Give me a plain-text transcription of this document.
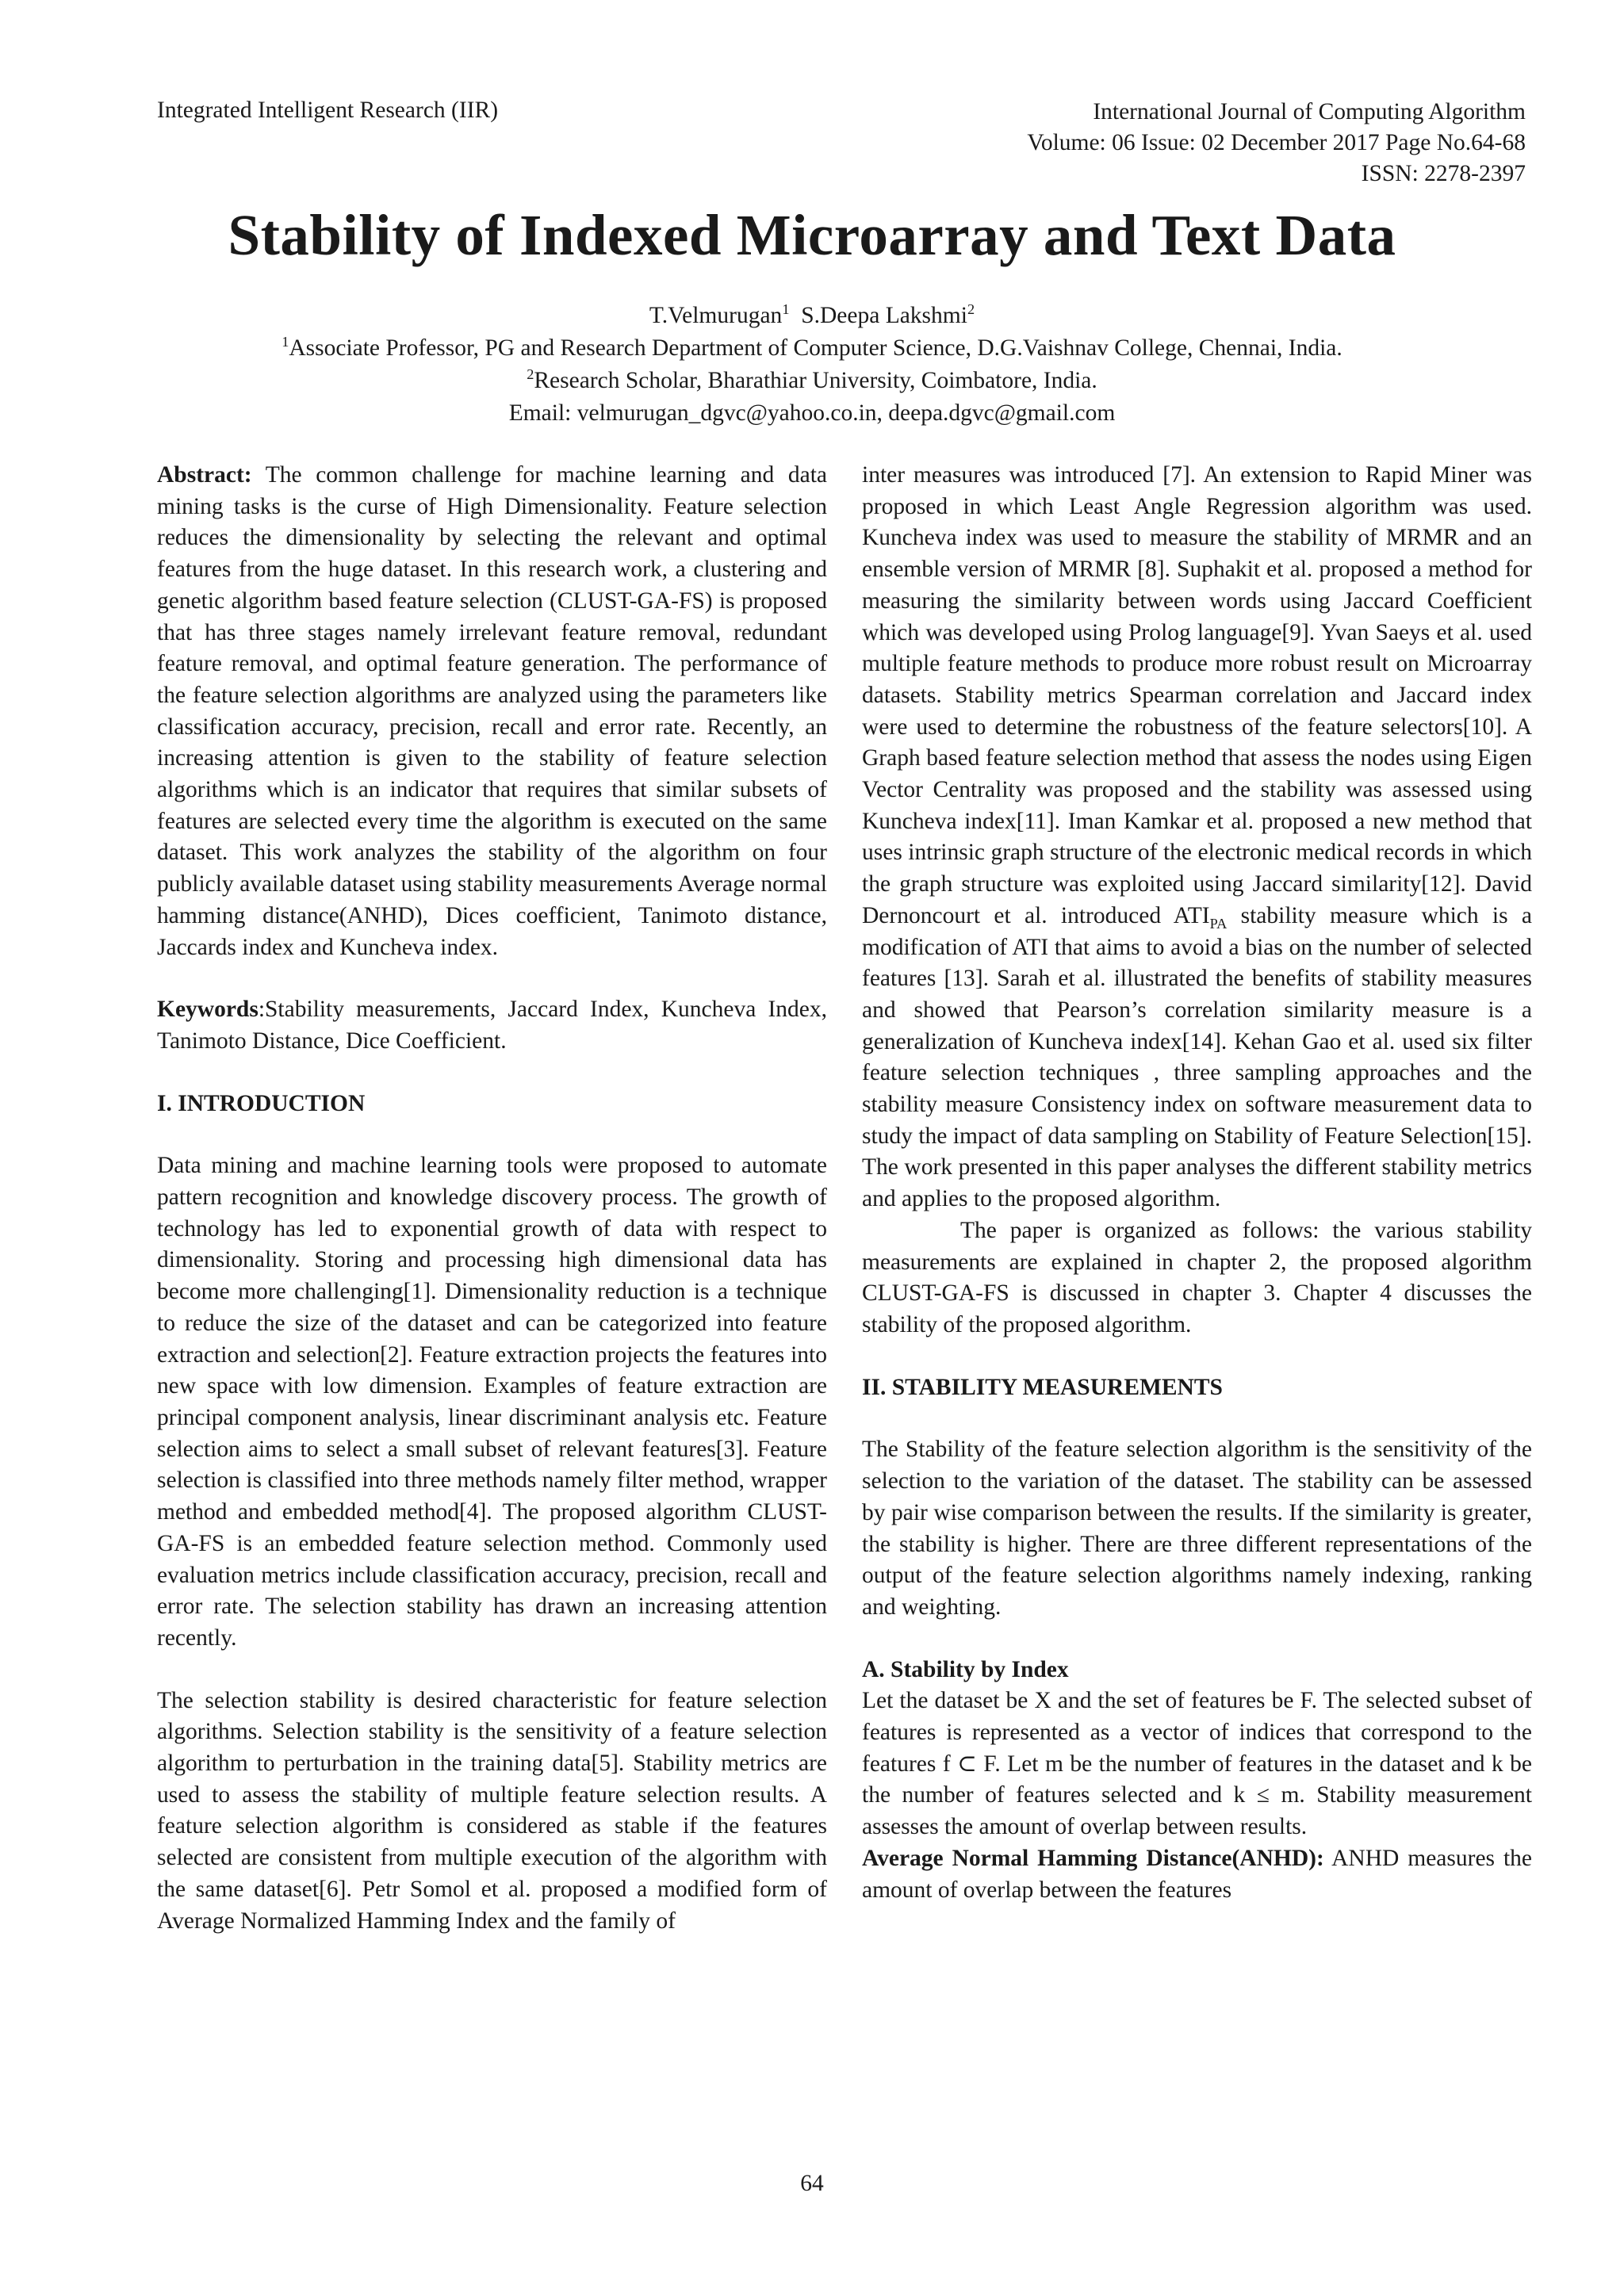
Integrated Intelligent Research (IIR)	International Journal of Computing Algorithm
Volume: 06 Issue: 02 December 2017 Page No.64-68
ISSN: 2278-2397
Stability of Indexed Microarray and Text Data
T.Velmurugan$^1$ S.Deepa Lakshmi$^2$
$^1$Associate Professor, PG and Research Department of Computer Science, D.G.Vaishnav College, Chennai, India.
$^2$Research Scholar, Bharathiar University, Coimbatore, India.
Email: velmurugan_dgvc@yahoo.co.in, deepa.dgvc@gmail.com

Abstract: The common challenge for machine learning and data mining tasks is the curse of High Dimensionality. Feature selection reduces the dimensionality by selecting the relevant and optimal features from the huge dataset. In this research work, a clustering and genetic algorithm based feature selection (CLUST-GA-FS) is proposed that has three stages namely irrelevant feature removal, redundant feature removal, and optimal feature generation. The performance of the feature selection algorithms are analyzed using the parameters like classification accuracy, precision, recall and error rate. Recently, an increasing attention is given to the stability of feature selection algorithms which is an indicator that requires that similar subsets of features are selected every time the algorithm is executed on the same dataset. This work analyzes the stability of the algorithm on four publicly available dataset using stability measurements Average normal hamming distance(ANHD), Dices coefficient, Tanimoto distance, Jaccards index and Kuncheva index.

Keywords:Stability measurements, Jaccard Index, Kuncheva Index, Tanimoto Distance, Dice Coefficient.

I. INTRODUCTION

Data mining and machine learning tools were proposed to automate pattern recognition and knowledge discovery process. The growth of technology has led to exponential growth of data with respect to dimensionality. Storing and processing high dimensional data has become more challenging[1]. Dimensionality reduction is a technique to reduce the size of the dataset and can be categorized into feature extraction and selection[2]. Feature extraction projects the features into new space with low dimension. Examples of feature extraction are principal component analysis, linear discriminant analysis etc. Feature selection aims to select a small subset of relevant features[3]. Feature selection is classified into three methods namely filter method, wrapper method and embedded method[4]. The proposed algorithm CLUST-GA-FS is an embedded feature selection method. Commonly used evaluation metrics include classification accuracy, precision, recall and error rate. The selection stability has drawn an increasing attention recently.

The selection stability is desired characteristic for feature selection algorithms. Selection stability is the sensitivity of a feature selection algorithm to perturbation in the training data[5]. Stability metrics are used to assess the stability of multiple feature selection results. A feature selection algorithm is considered as stable if the features selected are consistent from multiple execution of the algorithm with the same dataset[6]. Petr Somol et al. proposed a modified form of Average Normalized Hamming Index and the family of

inter measures was introduced [7]. An extension to Rapid Miner was proposed in which Least Angle Regression algorithm was used. Kuncheva index was used to measure the stability of MRMR and an ensemble version of MRMR [8]. Suphakit et al. proposed a method for measuring the similarity between words using Jaccard Coefficient which was developed using Prolog language[9]. Yvan Saeys et al. used multiple feature methods to produce more robust result on Microarray datasets. Stability metrics Spearman correlation and Jaccard index were used to determine the robustness of the feature selectors[10]. A Graph based feature selection method that assess the nodes using Eigen Vector Centrality was proposed and the stability was assessed using Kuncheva index[11]. Iman Kamkar et al. proposed a new method that uses intrinsic graph structure of the electronic medical records in which the graph structure was exploited using Jaccard similarity[12]. David Dernoncourt et al. introduced $ATI_{PA}$ stability measure which is a modification of ATI that aims to avoid a bias on the number of selected features [13]. Sarah et al. illustrated the benefits of stability measures and showed that Pearson’s correlation similarity measure is a generalization of Kuncheva index[14]. Kehan Gao et al. used six filter feature selection techniques , three sampling approaches and the stability measure Consistency index on software measurement data to study the impact of data sampling on Stability of Feature Selection[15]. The work presented in this paper analyses the different stability metrics and applies to the proposed algorithm.

The paper is organized as follows: the various stability measurements are explained in chapter 2, the proposed algorithm CLUST-GA-FS is discussed in chapter 3. Chapter 4 discusses the stability of the proposed algorithm.

II. STABILITY MEASUREMENTS

The Stability of the feature selection algorithm is the sensitivity of the selection to the variation of the dataset. The stability can be assessed by pair wise comparison between the results. If the similarity is greater, the stability is higher. There are three different representations of the output of the feature selection algorithms namely indexing, ranking and weighting.

A. Stability by Index

Let the dataset be X and the set of features be F. The selected subset of features is represented as a vector of indices that correspond to the features f ⊂ F. Let m be the number of features in the dataset and k be the number of features selected and k ≤ m. Stability measurement assesses the amount of overlap between results.

Average Normal Hamming Distance(ANHD): ANHD measures the amount of overlap between the features

64
